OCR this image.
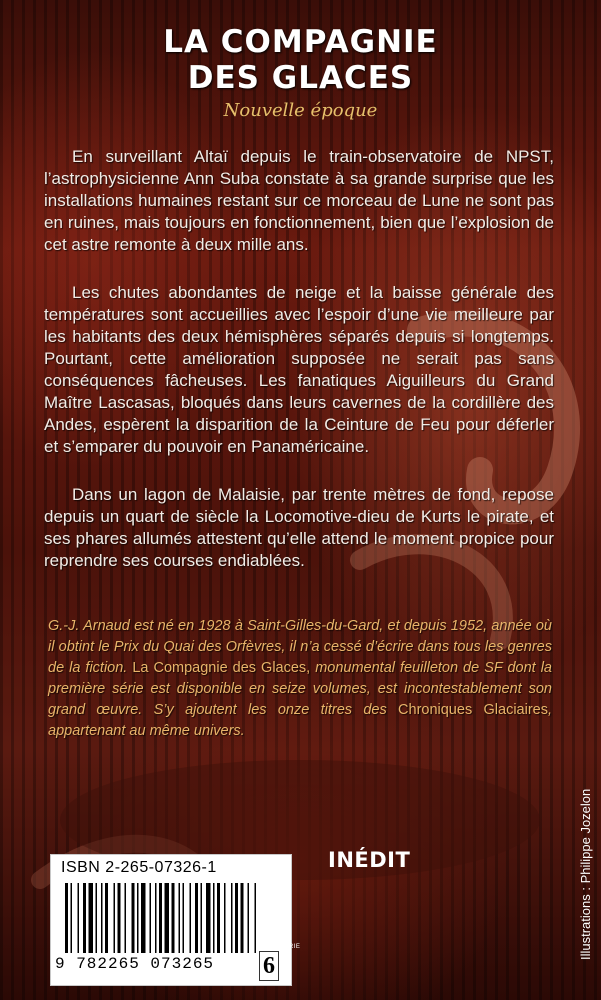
LA COMPAGNIE
DES GLACES
Nouvelle époque

En surveillant Altaï depuis le train-observatoire de NPST, l’astrophysicienne Ann Suba constate à sa grande surprise que les installations humaines restant sur ce morceau de Lune ne sont pas en ruines, mais toujours en fonctionnement, bien que l’explosion de cet astre remonte à deux mille ans.

Les chutes abondantes de neige et la baisse générale des températures sont accueillies avec l’espoir d’une vie meilleure par les habitants des deux hémisphères séparés depuis si longtemps. Pourtant, cette amélioration supposée ne serait pas sans conséquences fâcheuses. Les fanatiques Aiguilleurs du Grand Maître Lascasas, bloqués dans leurs cavernes de la cordillère des Andes, espèrent la disparition de la Ceinture de Feu pour déferler et s’emparer du pouvoir en Panaméricaine.

Dans un lagon de Malaisie, par trente mètres de fond, repose depuis un quart de siècle la Locomotive-dieu de Kurts le pirate, et ses phares allumés attestent qu’elle attend le moment propice pour reprendre ses courses endiablées.

G.-J. Arnaud est né en 1928 à Saint-Gilles-du-Gard, et depuis 1952, année où il obtint le Prix du Quai des Orfèvres, il n’a cessé d’écrire dans tous les genres de la fiction. La Compagnie des Glaces, monumental feuilleton de SF dont la première série est disponible en seize volumes, est incontestablement son grand œuvre. S’y ajoutent les onze titres des Chroniques Glaciaires, appartenant au même univers.

ISBN 2-265-07326-1
9 782265 073265
INÉDIT
CATÉGORIE
6
Illustrations : Philippe Jozelon
